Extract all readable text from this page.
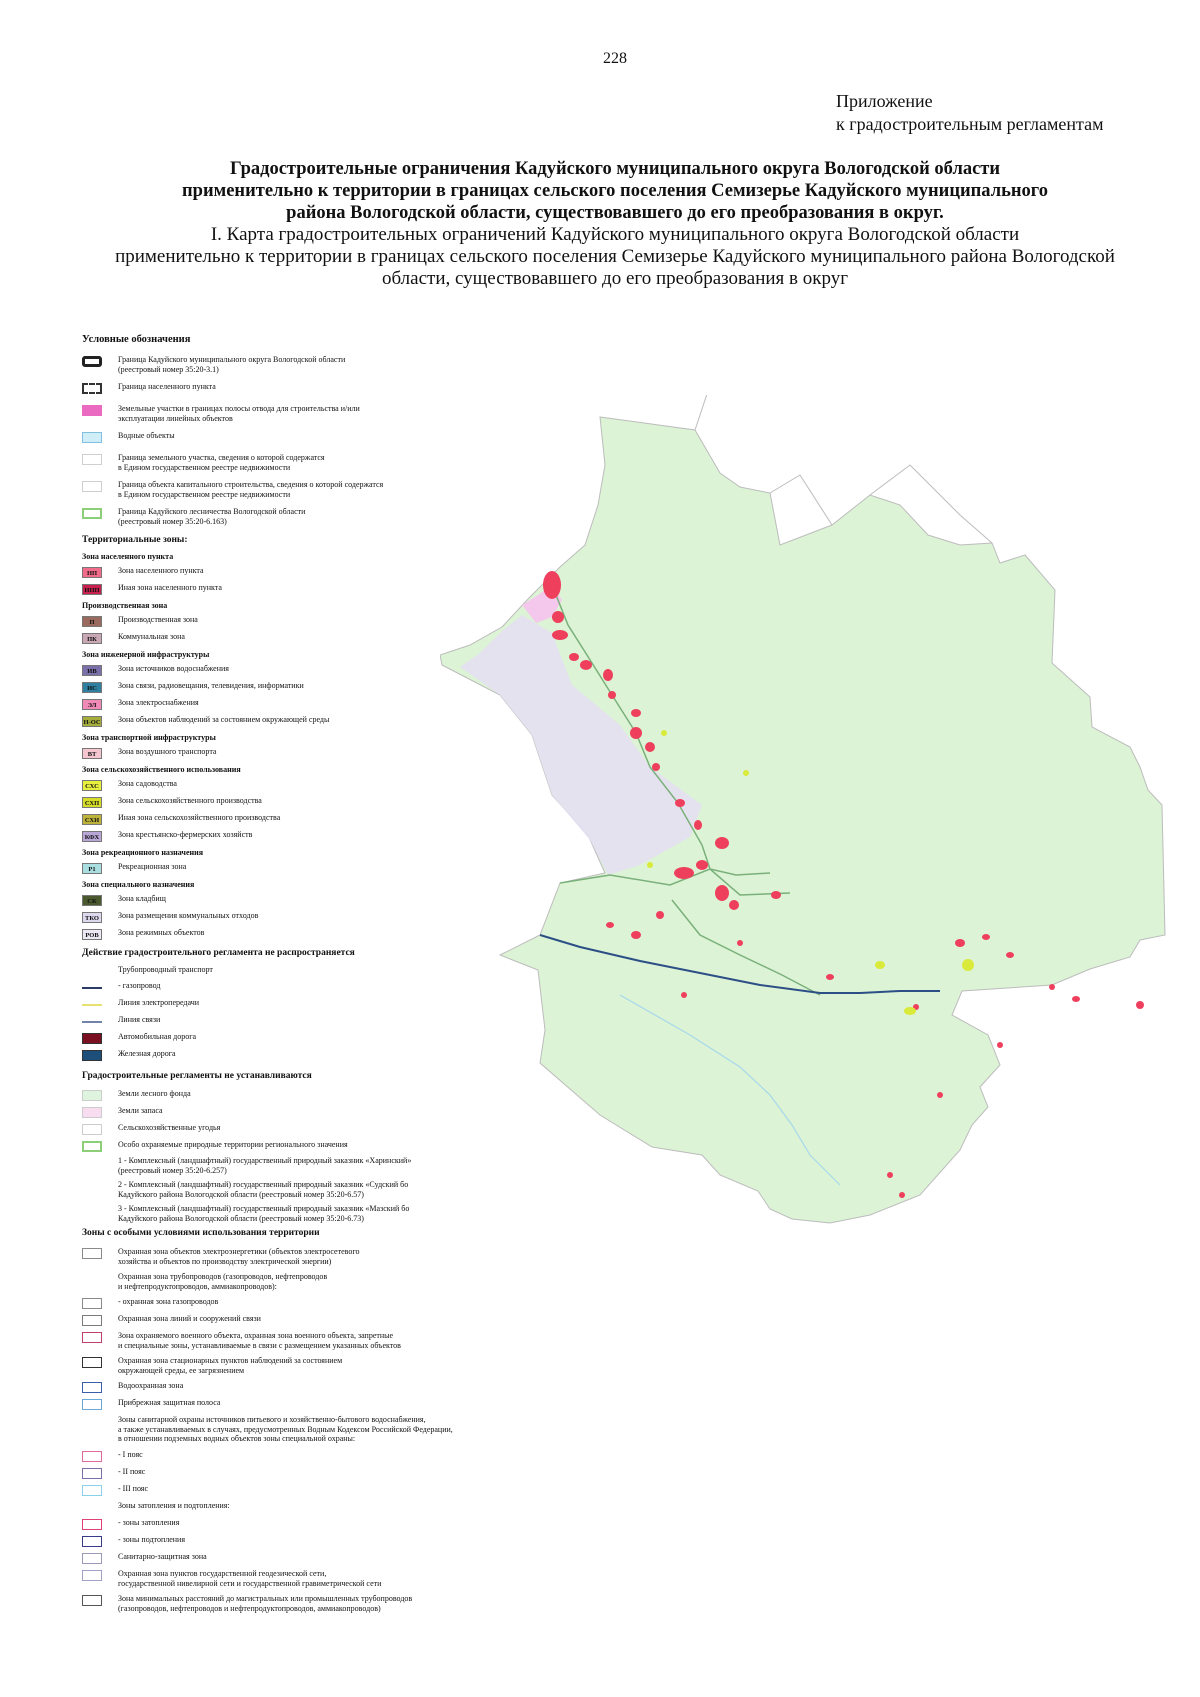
228
Приложение
к градостроительным регламентам

Градостроительные ограничения Кадуйского муниципального округа Вологодской области

применительно к территории в границах сельского поселения Семизерье Кадуйского муниципального

района Вологодской области, существовавшего до его преобразования в округ.

I. Карта градостроительных ограничений Кадуйского муниципального округа Вологодской области

применительно к территории в границах сельского поселения Семизерье Кадуйского муниципального района Вологодской

области, существовавшего до его преобразования в округ

Условные обозначения
Граница Кадуйского муниципального округа Вологодской области
(реестровый номер 35:20-3.1)
Граница населенного пункта
Земельные участки в границах полосы отвода для строительства и/или
эксплуатации линейных объектов
Водные объекты
Граница земельного участка, сведения о которой содержатся
в Едином государственном реестре недвижимости
Граница объекта капитального строительства, сведения о которой содержатся
в Едином государственном реестре недвижимости
Граница Кадуйского лесничества Вологодской области
(реестровый номер 35:20-6.163)
Территориальные зоны:
Зона населенного пункта
НП	Зона населенного пункта
ИНП	Иная зона населенного пункта
Производственная зона
П	Производственная зона
ПК	Коммунальная зона
Зона инженерной инфраструктуры
ИВ	Зона источников водоснабжения
ИС	Зона связи, радиовещания, телевидения, информатики
ЭЛ	Зона электроснабжения
Н-ОС Зона объектов наблюдений за состоянием окружающей среды
Зона транспортной инфраструктуры
ВТ	Зона воздушного транспорта
Зона сельскохозяйственного использования
СХС	Зона садоводства
СХП	Зона сельскохозяйственного производства
СХИ	Иная зона сельскохозяйственного производства
КФХ	Зона крестьянско-фермерских хозяйств
Зона рекреационного назначения
Р1	Рекреационная зона
Зона специального назначения
СК	Зона кладбищ
ТКО	Зона размещения коммунальных отходов
РОВ	Зона режимных объектов
Действие градостроительного регламента не распространяется
Трубопроводный транспорт
- газопровод
Линия электропередачи
Линия связи
Автомобильная дорога
Железная дорога
Градостроительные регламенты не устанавливаются
Земли лесного фонда
Земли запаса
Сельскохозяйственные угодья
Особо охраняемые природные территории регионального значения
1 - Комплексный (ландшафтный) государственный природный заказник «Харинский»
(реестровый номер 35:20-6.257)
2 - Комплексный (ландшафтный) государственный природный заказник «Судский бо
Кадуйского района Вологодской области (реестровый номер 35:20-6.57)
3 - Комплексный (ландшафтный) государственный природный заказник «Мазский бо
Кадуйского района Вологодской области (реестровый номер 35:20-6.73)
Зоны с особыми условиями использования территории
Охранная зона объектов электроэнергетики (объектов электросетевого
хозяйства и объектов по производству электрической энергии)
Охранная зона трубопроводов (газопроводов, нефтепроводов
и нефтепродуктопроводов, аммиакопроводов):
- охранная зона газопроводов
Охранная зона линий и сооружений связи
Зона охраняемого военного объекта, охранная зона военного объекта, запретные
и специальные зоны, устанавливаемые в связи с размещением указанных объектов
Охранная зона стационарных пунктов наблюдений за состоянием
окружающей среды, ее загрязнением
Водоохранная зона
Прибрежная защитная полоса
Зоны санитарной охраны источников питьевого и хозяйственно-бытового водоснабжения,
а также устанавливаемых в случаях, предусмотренных Водным Кодексом Российской Федерации,
в отношении подземных водных объектов зоны специальной охраны:
- I пояс
- II пояс
- III пояс
Зоны затопления и подтопления:
- зоны затопления
- зоны подтопления
Санитарно-защитная зона
Охранная зона пунктов государственной геодезической сети,
государственной нивелирной сети и государственной гравиметрической сети
Зона минимальных расстояний до магистральных или промышленных трубопроводов
(газопроводов, нефтепроводов и нефтепродуктопроводов, аммиакопроводов)
